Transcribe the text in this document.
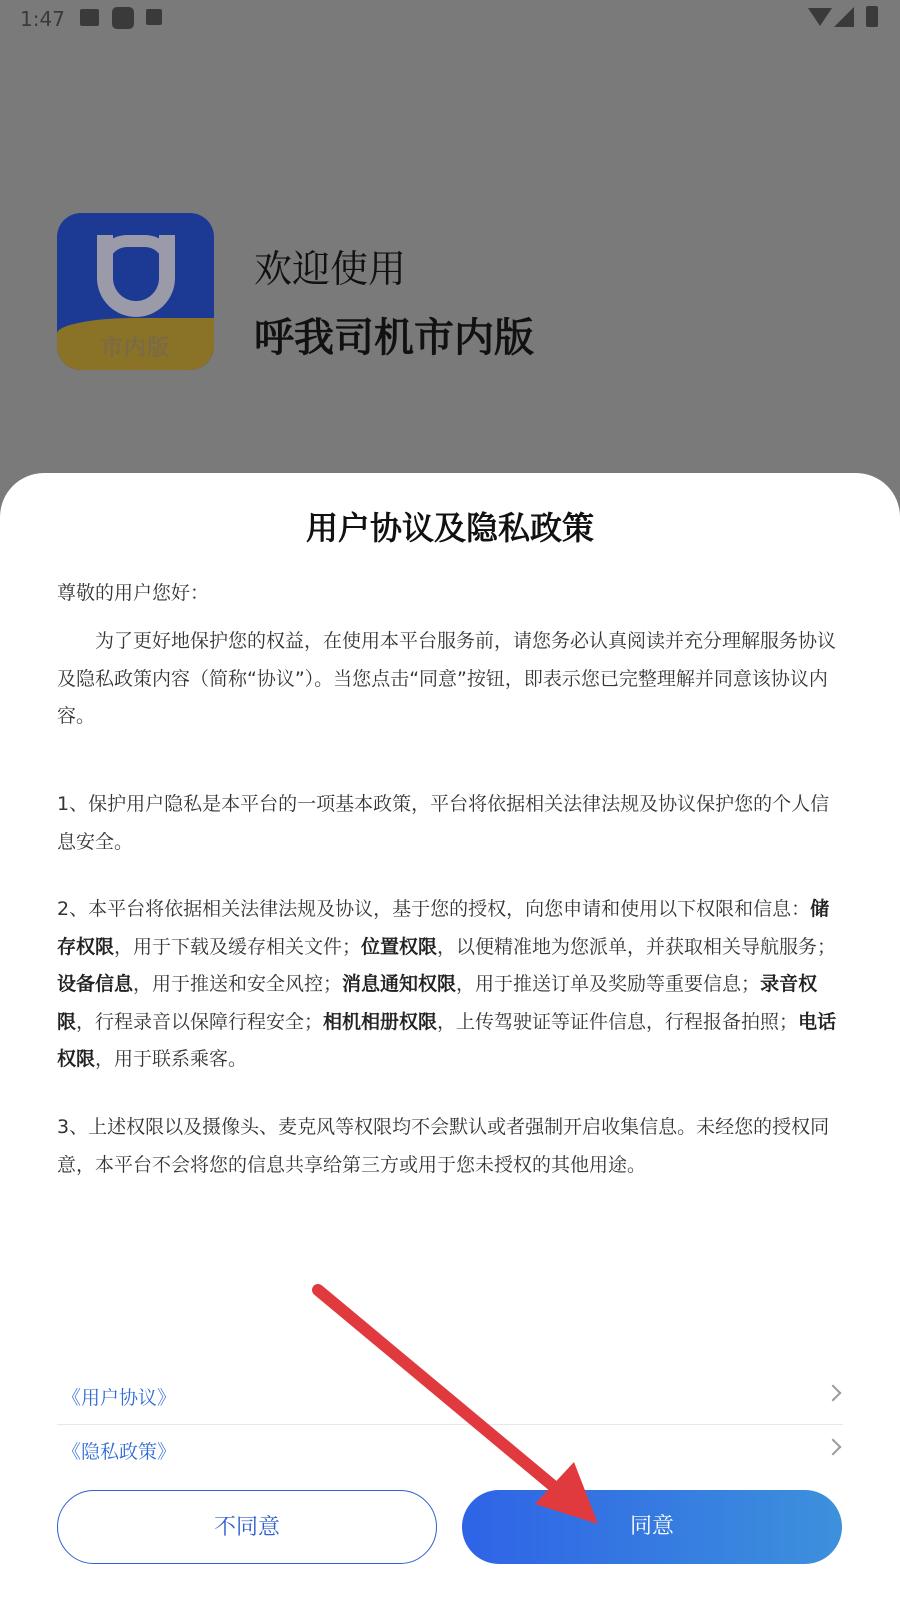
1:47
市内版
欢迎使用
呼我司机市内版
用户协议及隐私政策
尊敬的用户您好：
为了更好地保护您的权益，在使用本平台服务前，请您务必认真阅读并充分理解服务协议及隐私政策内容（简称“协议”）。当您点击“同意”按钮，即表示您已完整理解并同意该协议内容。
1、保护用户隐私是本平台的一项基本政策，平台将依据相关法律法规及协议保护您的个人信息安全。
2、本平台将依据相关法律法规及协议，基于您的授权，向您申请和使用以下权限和信息：储存权限，用于下载及缓存相关文件；位置权限，以便精准地为您派单，并获取相关导航服务；设备信息，用于推送和安全风控；消息通知权限，用于推送订单及奖励等重要信息；录音权限，行程录音以保障行程安全；相机相册权限，上传驾驶证等证件信息，行程报备拍照；电话权限，用于联系乘客。
3、上述权限以及摄像头、麦克风等权限均不会默认或者强制开启收集信息。未经您的授权同意，本平台不会将您的信息共享给第三方或用于您未授权的其他用途。
《用户协议》
《隐私政策》
不同意	同意
